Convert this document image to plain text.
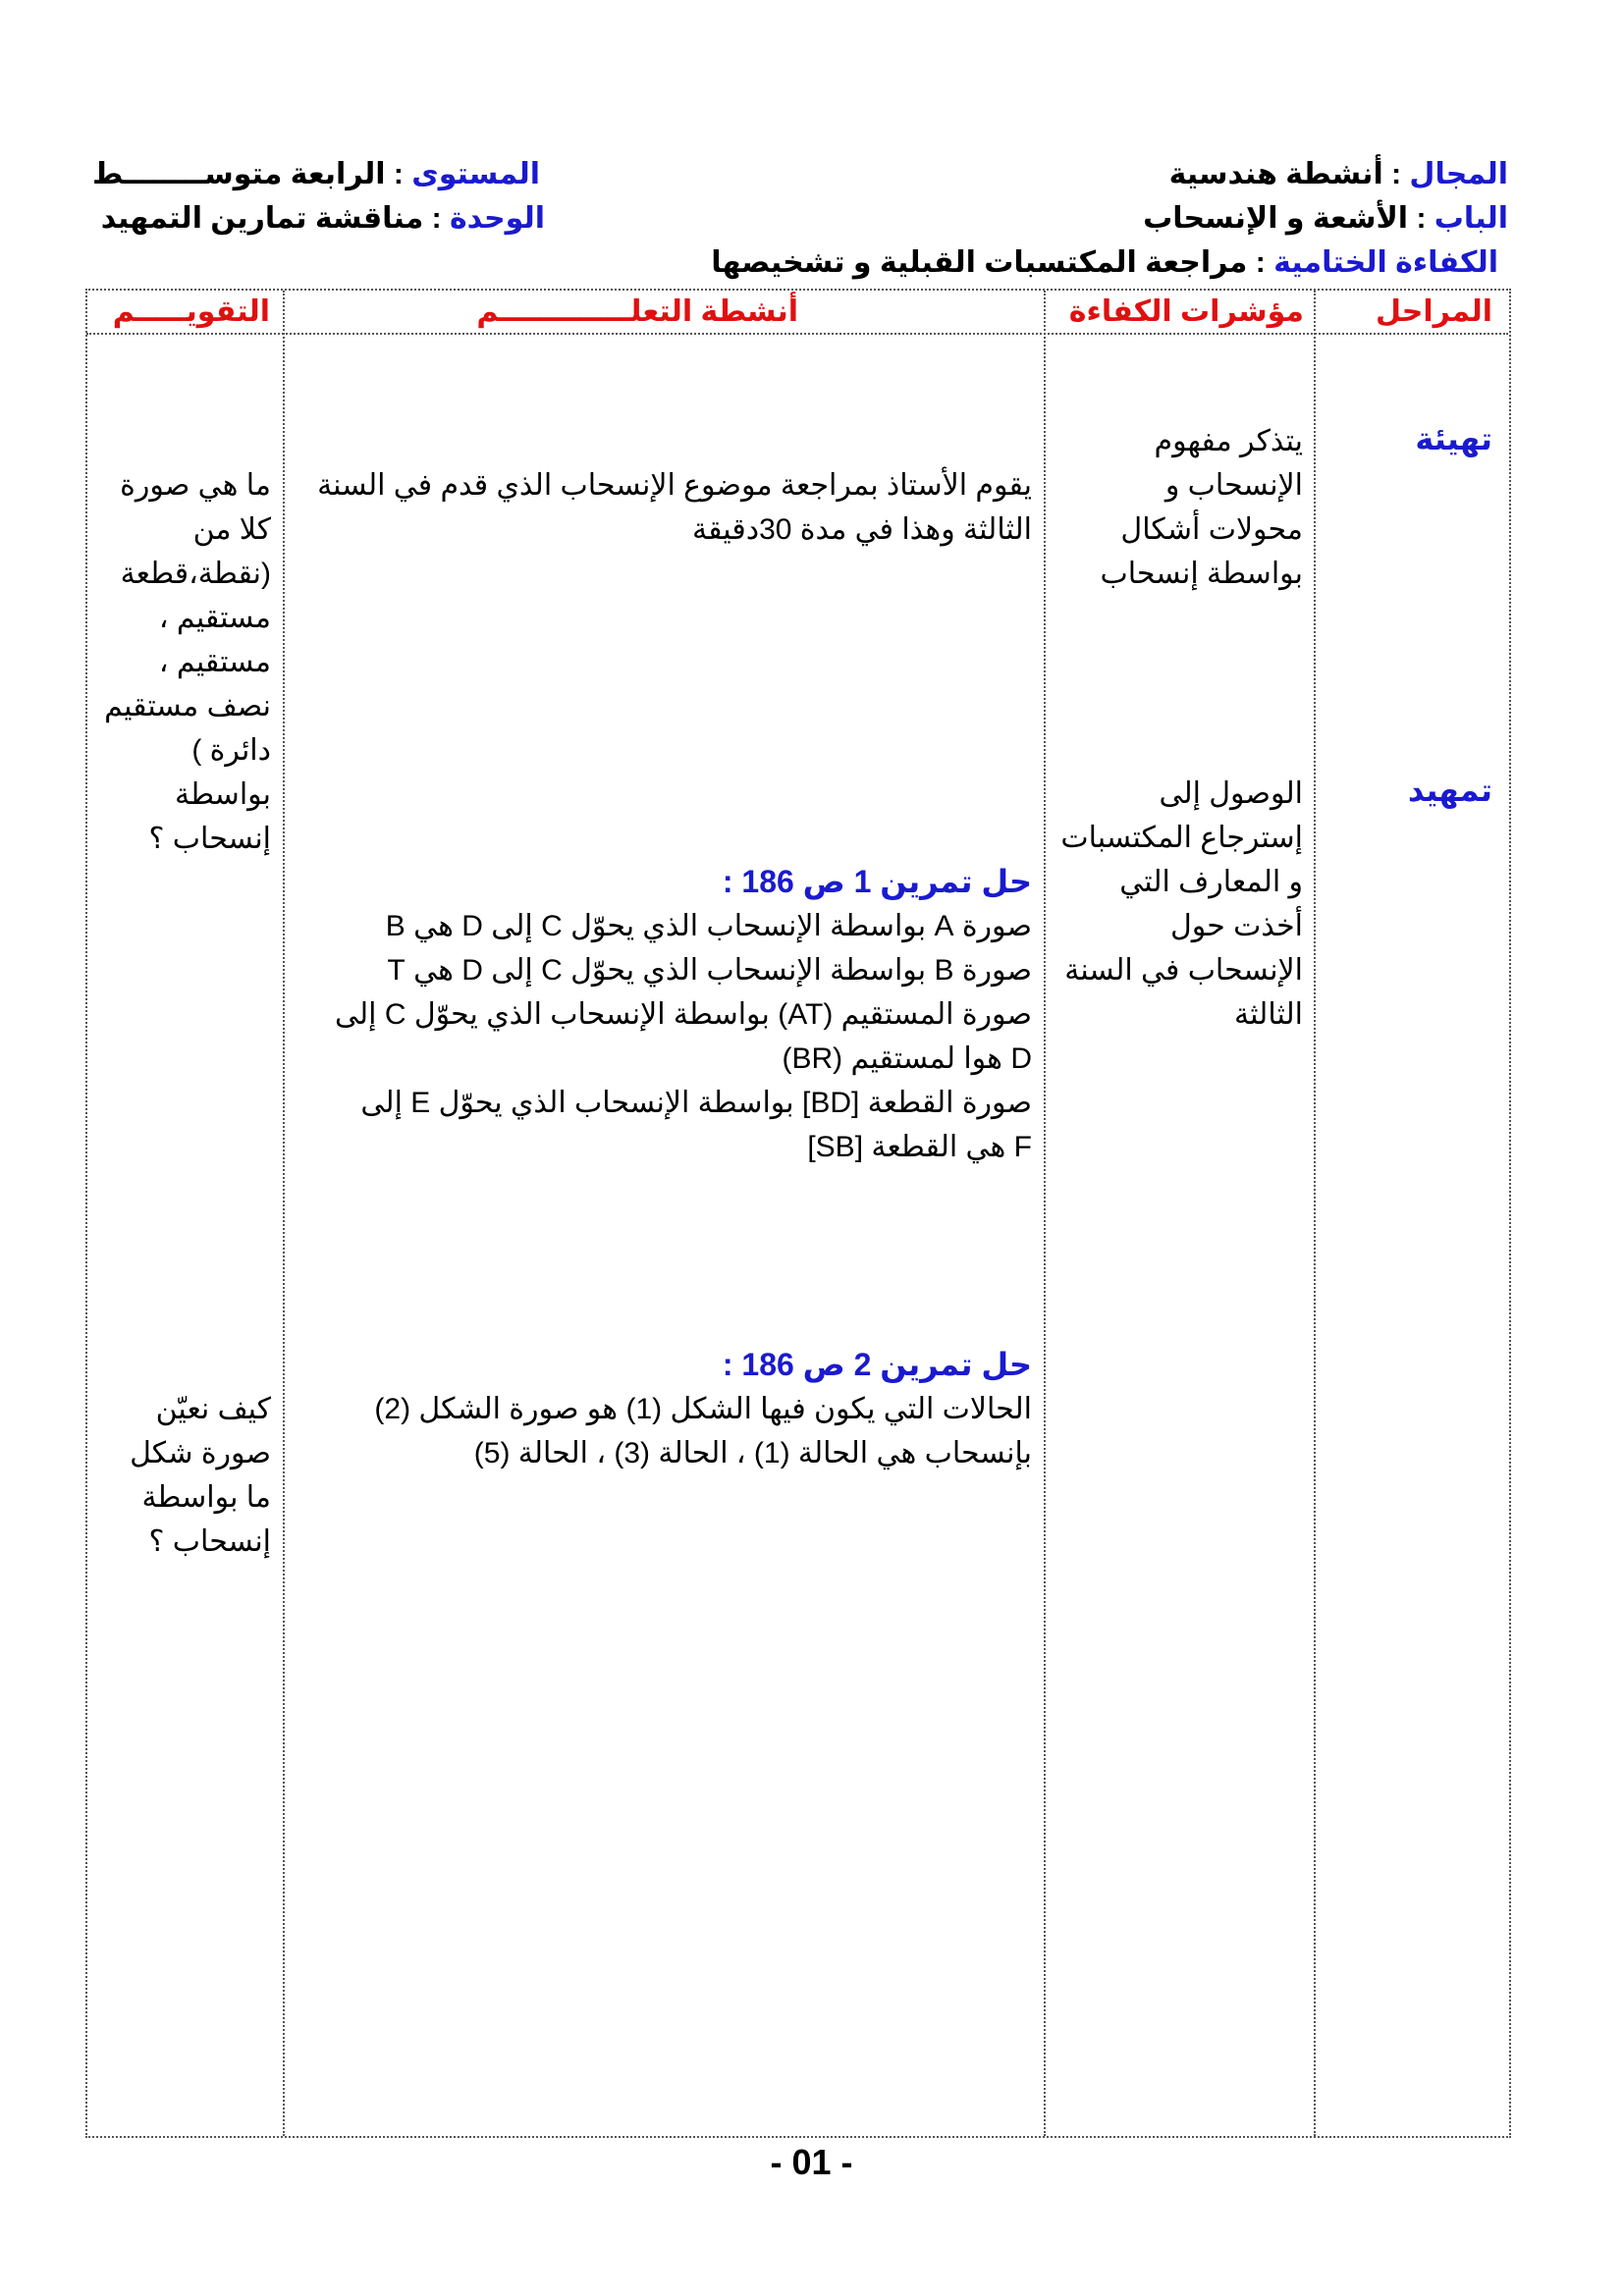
المجال : أنشطة هندسية
الباب : الأشعة و الإنسحاب
الكفاءة الختامية : مراجعة المكتسبات القبلية و تشخيصها
المستوى : الرابعة متوســــــــط
الوحدة : مناقشة تمارين التمهيد
المراحل
مؤشرات الكفاءة
أنشطة التعلـــــــــــــم
التقويـــــم
تهيئة
تمهيد
يتذكر مفهوم
الإنسحاب و
محولات أشكال
بواسطة إنسحاب
الوصول إلى
إسترجاع المكتسبات
و المعارف التي
أخذت حول
الإنسحاب في السنة
الثالثة
يقوم الأستاذ بمراجعة موضوع الإنسحاب الذي قدم في السنة
الثالثة وهذا في مدة 30دقيقة
حل تمرين 1 ص 186 :
صورة A بواسطة الإنسحاب الذي يحوّل C إلى D هي B
صورة B بواسطة الإنسحاب الذي يحوّل C إلى D هي T
صورة المستقيم (AT) بواسطة الإنسحاب الذي يحوّل C إلى
D هوا لمستقيم (BR)
صورة القطعة [BD] بواسطة الإنسحاب الذي يحوّل E إلى
F هي القطعة [SB]
حل تمرين 2 ص 186 :
الحالات التي يكون فيها الشكل (1) هو صورة الشكل (2)
بإنسحاب هي الحالة (1) ، الحالة (3) ، الحالة (5)
ما هي صورة
كلا من
(نقطة،قطعة
مستقيم ،
مستقيم ،
نصف مستقيم
دائرة )
بواسطة
إنسحاب ؟
كيف نعيّن
صورة شكل
ما بواسطة
إنسحاب ؟
- 01 -
